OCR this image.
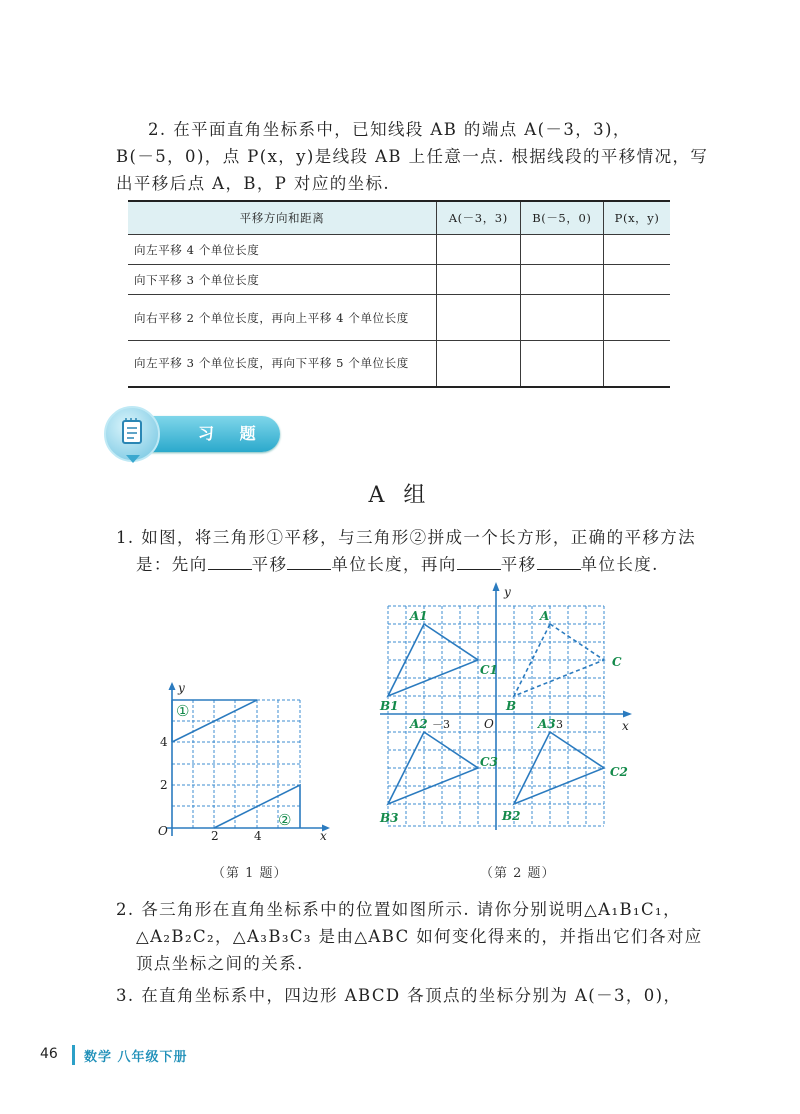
2. 在平面直角坐标系中，已知线段 AB 的端点 A(－3，3)，
B(－5，0)，点 P(x，y)是线段 AB 上任意一点. 根据线段的平移情况，写
出平移后点 A，B，P 对应的坐标.
平移方向和距离	A(－3，3)	B(－5，0)	P(x，y)
向左平移 4 个单位长度			
向下平移 3 个单位长度			
向右平移 2 个单位长度，再向上平移 4 个单位长度			
向左平移 3 个单位长度，再向下平移 5 个单位长度			
习 题
A 组
1. 如图，将三角形①平移，与三角形②拼成一个长方形，正确的平移方法
是：先向	平移	单位长度，再向	平移	单位长度.
y
x
O
4
2
2	4
①
②
（第 1 题）
A1
C1
B1
A
C
B
A2
C2
B2
A3
C3
B3
x
y
O
－3	3
（第 2 题）
2. 各三角形在直角坐标系中的位置如图所示. 请你分别说明△A₁B₁C₁，
△A₂B₂C₂，△A₃B₃C₃ 是由△ABC 如何变化得来的，并指出它们各对应
顶点坐标之间的关系.
3. 在直角坐标系中，四边形 ABCD 各顶点的坐标分别为 A(－3，0)，
46 数学 八年级下册
